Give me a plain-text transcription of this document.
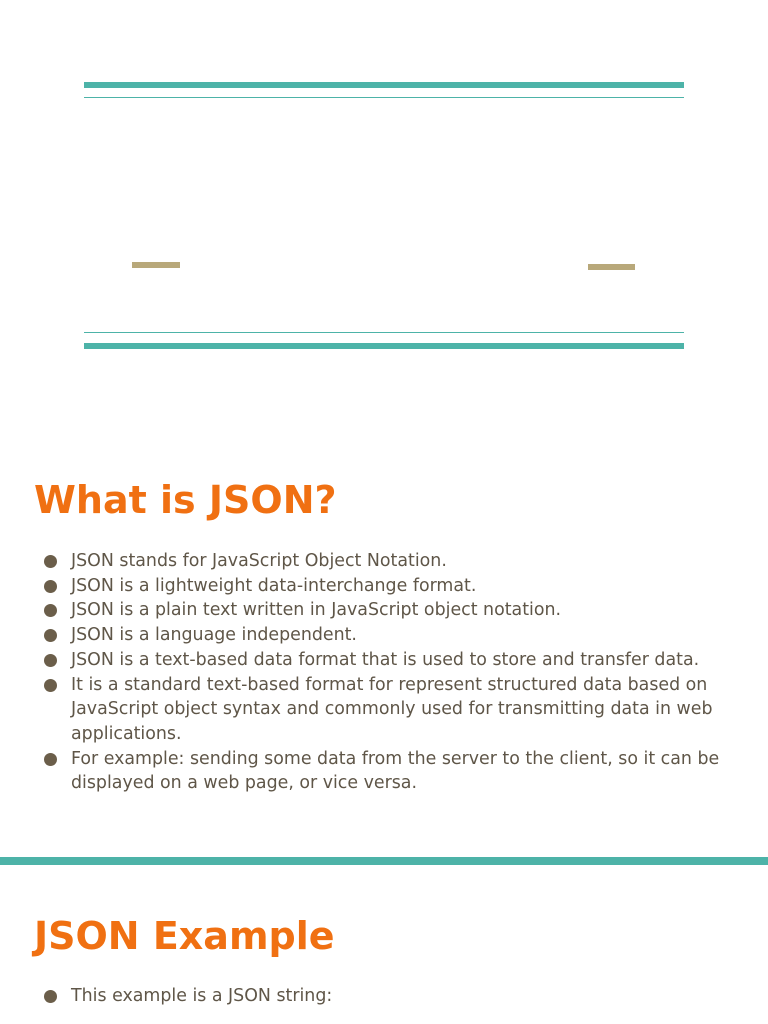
What is JSON?
JSON stands for JavaScript Object Notation.
JSON is a lightweight data-interchange format.
JSON is a plain text written in JavaScript object notation.
JSON is a language independent.
JSON is a text-based data format that is used to store and transfer data.
It is a standard text-based format for represent structured data based on JavaScript object syntax and commonly used for transmitting data in web applications.
For example: sending some data from the server to the client, so it can be displayed on a web page, or vice versa.
JSON Example
This example is a JSON string:
